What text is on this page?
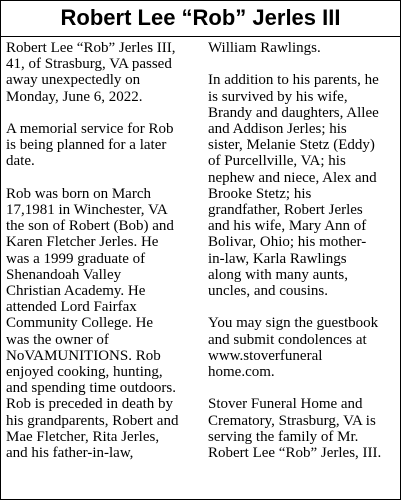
Robert Lee “Rob” Jerles III
Robert Lee “Rob” Jerles III,
41, of Strasburg, VA passed
away unexpectedly on
Monday, June 6, 2022.
A memorial service for Rob
is being planned for a later
date.
Rob was born on March
17,1981 in Winchester, VA
the son of Robert (Bob) and
Karen Fletcher Jerles. He
was a 1999 graduate of
Shenandoah Valley
Christian Academy. He
attended Lord Fairfax
Community College. He
was the owner of
NoVAMUNITIONS. Rob
enjoyed cooking, hunting,
and spending time outdoors.
Rob is preceded in death by
his grandparents, Robert and
Mae Fletcher, Rita Jerles,
and his father-in-law,
William Rawlings.
In addition to his parents, he
is survived by his wife,
Brandy and daughters, Allee
and Addison Jerles; his
sister, Melanie Stetz (Eddy)
of Purcellville, VA; his
nephew and niece, Alex and
Brooke Stetz; his
grandfather, Robert Jerles
and his wife, Mary Ann of
Bolivar, Ohio; his mother-
in-law, Karla Rawlings
along with many aunts,
uncles, and cousins.
You may sign the guestbook
and submit condolences at
www.stoverfuneral
home.com.
Stover Funeral Home and
Crematory, Strasburg, VA is
serving the family of Mr.
Robert Lee “Rob” Jerles, III.
